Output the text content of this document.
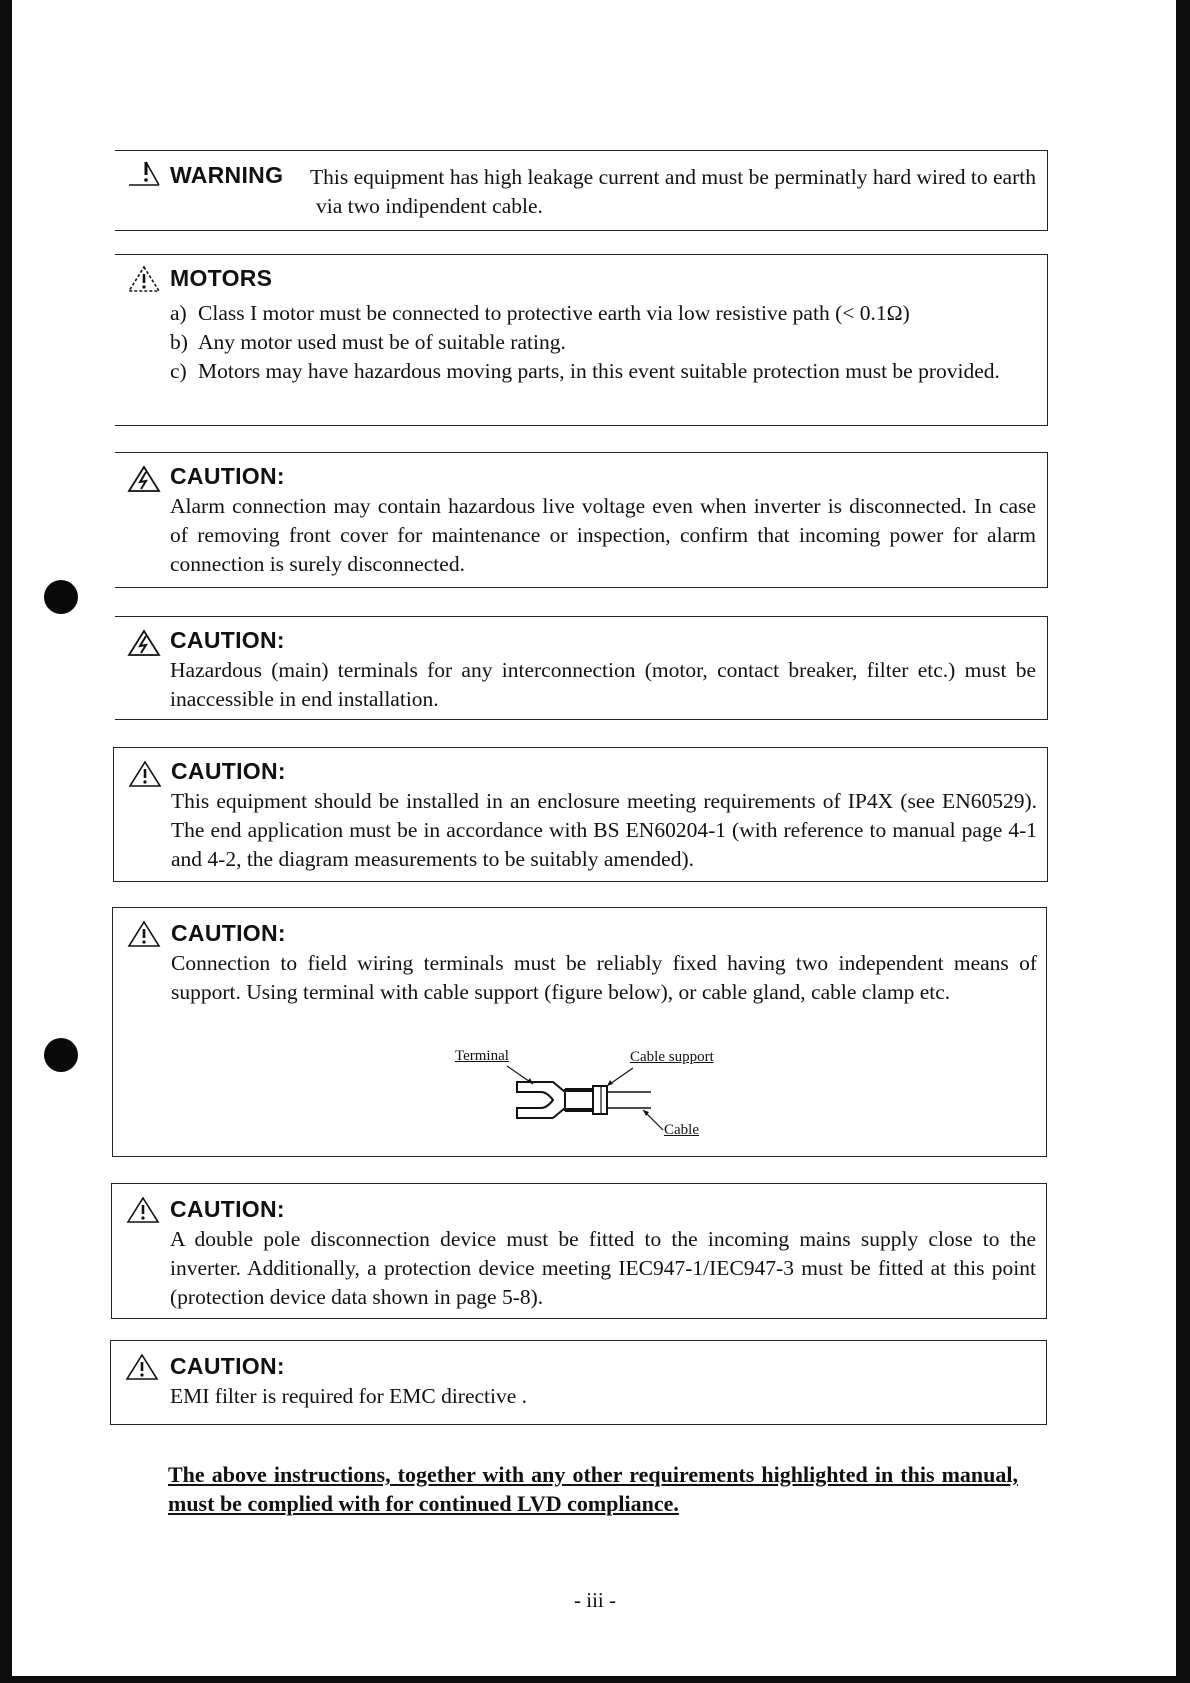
WARNING This equipment has high leakage current and must be perminatly hard wired to earth via two indipendent cable.
MOTORS
a) Class I motor must be connected to protective earth via low resistive path (< 0.1Ω)
b) Any motor used must be of suitable rating.
c) Motors may have hazardous moving parts, in this event suitable protection must be provided.
CAUTION:
Alarm connection may contain hazardous live voltage even when inverter is disconnected. In case of removing front cover for maintenance or inspection, confirm that incoming power for alarm connection is surely disconnected.
CAUTION:
Hazardous (main) terminals for any interconnection (motor, contact breaker, filter etc.) must be inaccessible in end installation.
CAUTION:
This equipment should be installed in an enclosure meeting requirements of IP4X (see EN60529). The end application must be in accordance with BS EN60204-1 (with reference to manual page 4-1 and 4-2, the diagram measurements to be suitably amended).
CAUTION:
Connection to field wiring terminals must be reliably fixed having two independent means of support. Using terminal with cable support (figure below), or cable gland, cable clamp etc.
Terminal	Cable support
Cable
CAUTION:
A double pole disconnection device must be fitted to the incoming mains supply close to the inverter. Additionally, a protection device meeting IEC947-1/IEC947-3 must be fitted at this point (protection device data shown in page 5-8).
CAUTION:
EMI filter is required for EMC directive .
The above instructions, together with any other requirements highlighted in this manual, must be complied with for continued LVD compliance.
- iii -
